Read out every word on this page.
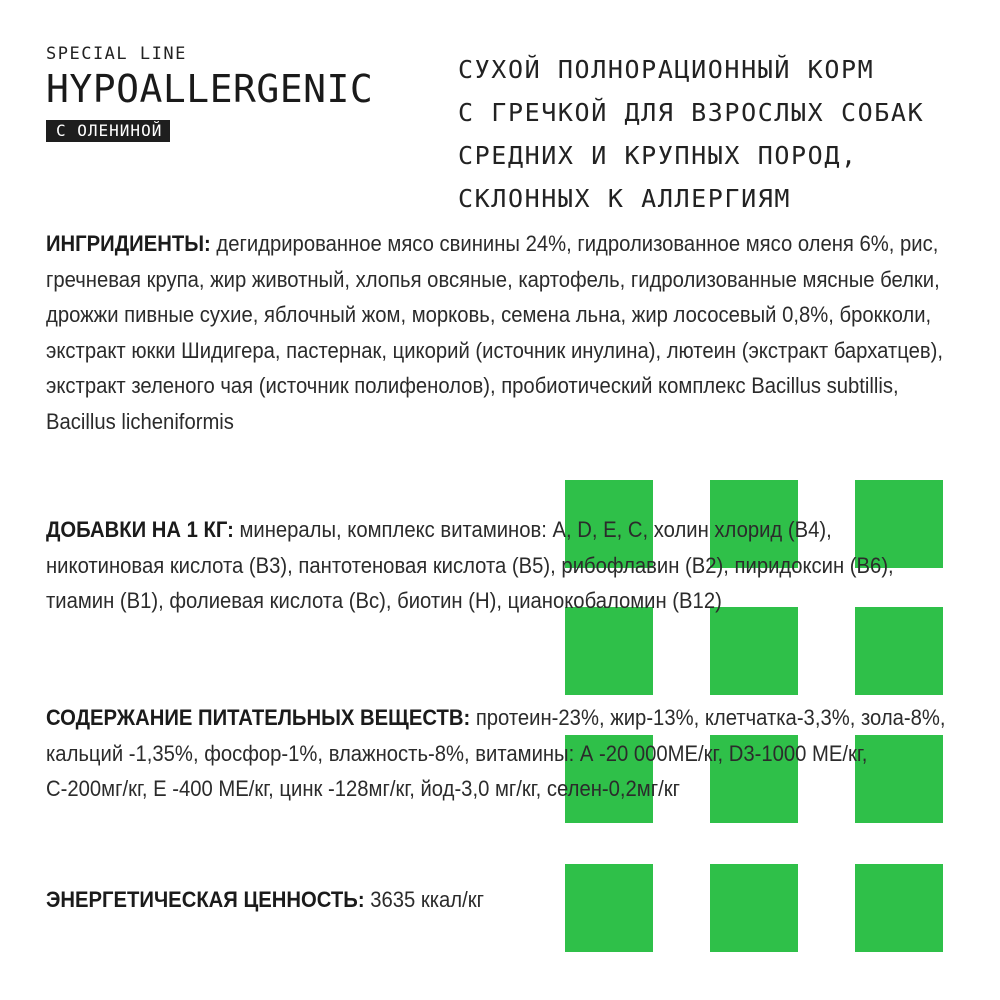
SPECIAL LINE
HYPOALLERGENIC
С ОЛЕНИНОЙ
СУХОЙ ПОЛНОРАЦИОННЫЙ КОРМ
С ГРЕЧКОЙ ДЛЯ ВЗРОСЛЫХ СОБАК
СРЕДНИХ И КРУПНЫХ ПОРОД,
СКЛОННЫХ К АЛЛЕРГИЯМ
ИНГРИДИЕНТЫ: дегидрированное мясо свинины 24%, гидролизованное мясо оленя 6%, рис, гречневая крупа, жир животный, хлопья овсяные, картофель, гидролизованные мясные белки, дрожжи пивные сухие, яблочный жом, морковь, семена льна, жир лососевый 0,8%, брокколи, экстракт юкки Шидигера, пастернак, цикорий (источник инулина), лютеин (экстракт бархатцев), экстракт зеленого чая (источник полифенолов), пробиотический комплекс Bacillus subtillis, Bacillus licheniformis
ДОБАВКИ НА 1 КГ: минералы, комплекс витаминов: A, D, E, C, холин хлорид (В4), никотиновая кислота (В3), пантотеновая кислота (В5), рибофлавин (В2), пиридоксин (В6), тиамин (В1), фолиевая кислота (Вс), биотин (Н), цианокобаломин (В12)
СОДЕРЖАНИЕ ПИТАТЕЛЬНЫХ ВЕЩЕСТВ: протеин-23%, жир-13%, клетчатка-3,3%, зола-8%, кальций -1,35%, фосфор-1%, влажность-8%, витамины: А -20 000МЕ/кг, D3-1000 МЕ/кг, С-200мг/кг, Е -400 МЕ/кг, цинк -128мг/кг, йод-3,0 мг/кг, селен-0,2мг/кг
ЭНЕРГЕТИЧЕСКАЯ ЦЕННОСТЬ: 3635 ккал/кг
